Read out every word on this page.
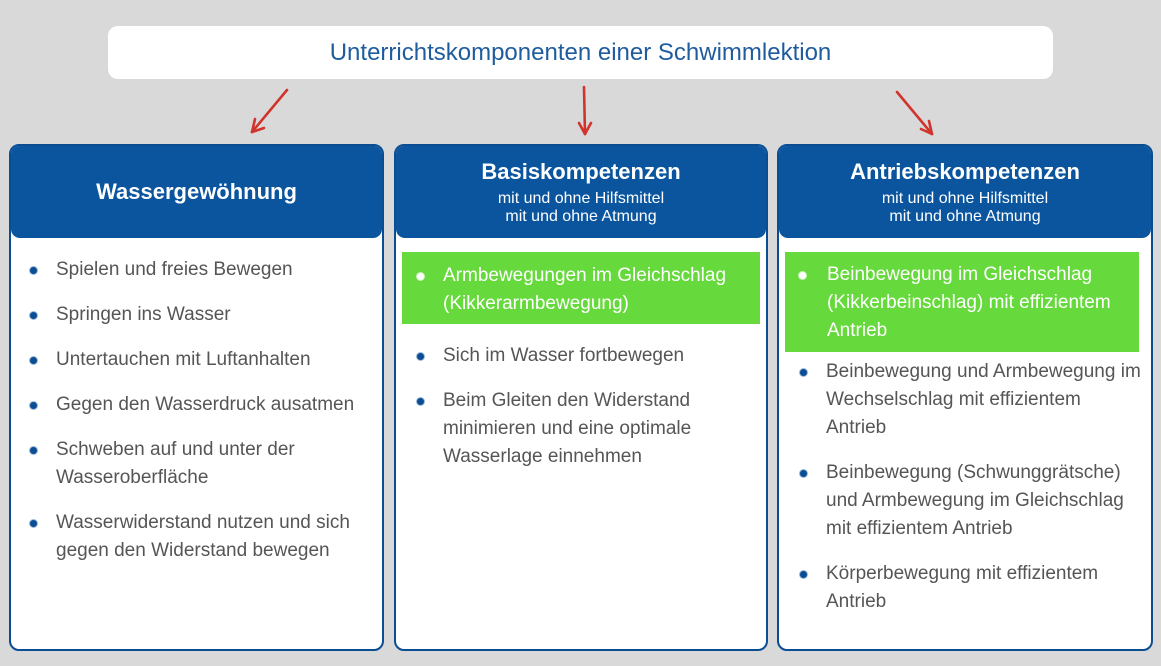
Unterrichtskomponenten einer Schwimmlektion
Wassergewöhnung
Spielen und freies Bewegen
Springen ins Wasser
Untertauchen mit Luftanhalten
Gegen den Wasserdruck ausatmen
Schweben auf und unter der Wasseroberfläche
Wasserwiderstand nutzen und sich gegen den Widerstand bewegen
Basiskompetenzen
mit und ohne Hilfsmittel
mit und ohne Atmung
Armbewegungen im Gleichschlag (Kikkerarmbewegung)
Sich im Wasser fortbewegen
Beim Gleiten den Widerstand minimieren und eine optimale Wasserlage einnehmen
Antriebskompetenzen
mit und ohne Hilfsmittel
mit und ohne Atmung
Beinbewegung im Gleichschlag (Kikkerbeinschlag) mit effizientem Antrieb
Beinbewegung und Armbewegung im Wechselschlag mit effizientem Antrieb
Beinbewegung (Schwunggrätsche) und Armbewegung im Gleichschlag mit effizientem Antrieb
Körperbewegung mit effizientem Antrieb
